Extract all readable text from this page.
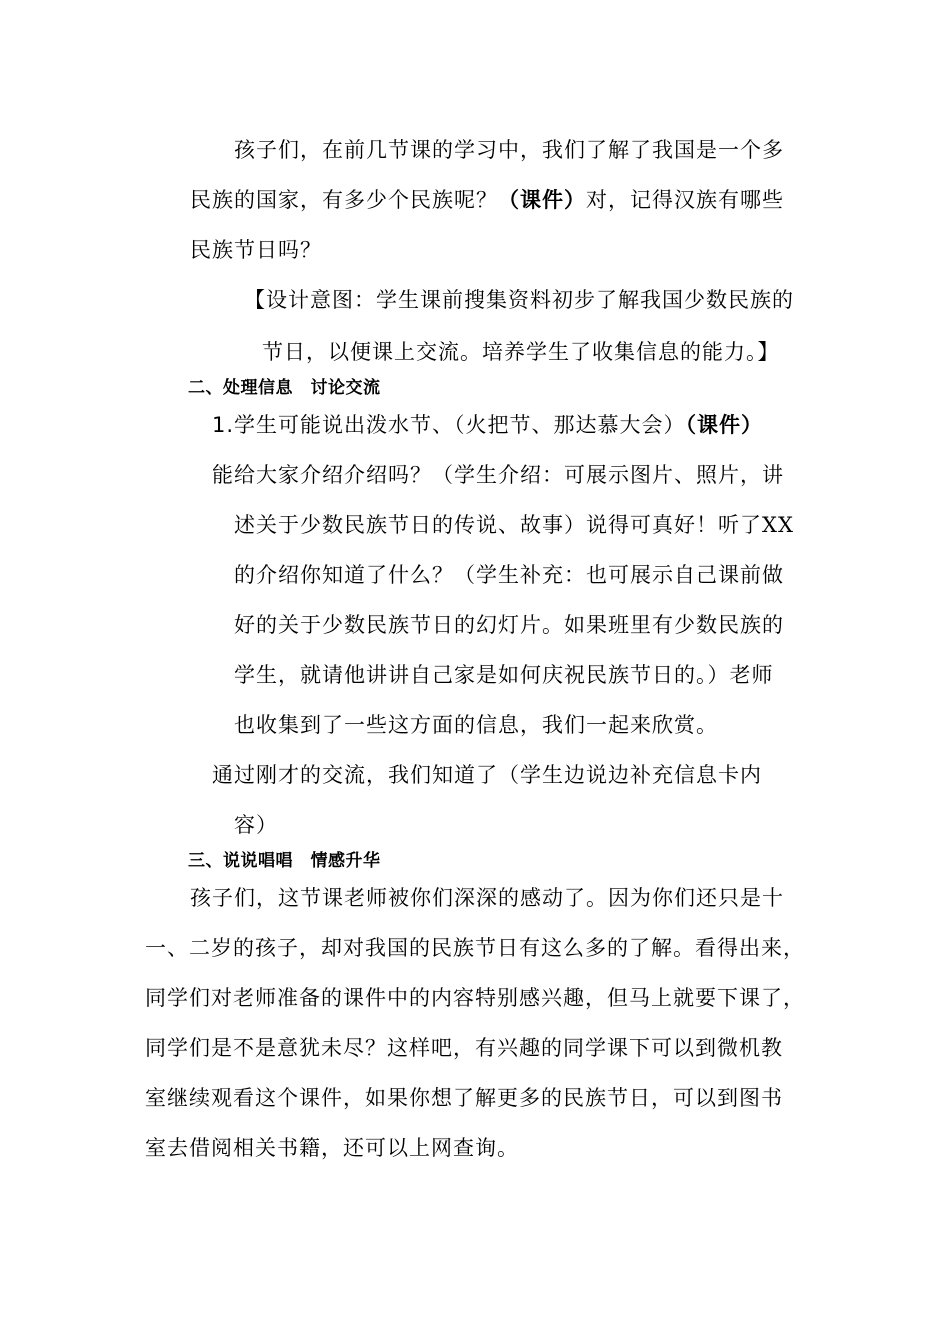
孩子们，在前几节课的学习中，我们了解了我国是一个多
民族的国家，有多少个民族呢？（课件）对，记得汉族有哪些
民族节日吗？
【设计意图：学生课前搜集资料初步了解我国少数民族的
节日，以便课上交流。培养学生了收集信息的能力。】
二、处理信息　讨论交流
1.学生可能说出泼水节、（火把节、那达慕大会）（课件）
能给大家介绍介绍吗？（学生介绍：可展示图片、照片，讲
述关于少数民族节日的传说、故事）说得可真好！听了XX
的介绍你知道了什么？（学生补充：也可展示自己课前做
好的关于少数民族节日的幻灯片。如果班里有少数民族的
学生，就请他讲讲自己家是如何庆祝民族节日的。）老师
也收集到了一些这方面的信息，我们一起来欣赏。
通过刚才的交流，我们知道了（学生边说边补充信息卡内
容）
三、说说唱唱　情感升华
孩子们，这节课老师被你们深深的感动了。因为你们还只是十
一、二岁的孩子，却对我国的民族节日有这么多的了解。看得出来，
同学们对老师准备的课件中的内容特别感兴趣，但马上就要下课了，
同学们是不是意犹未尽？这样吧，有兴趣的同学课下可以到微机教
室继续观看这个课件，如果你想了解更多的民族节日，可以到图书
室去借阅相关书籍，还可以上网查询。
